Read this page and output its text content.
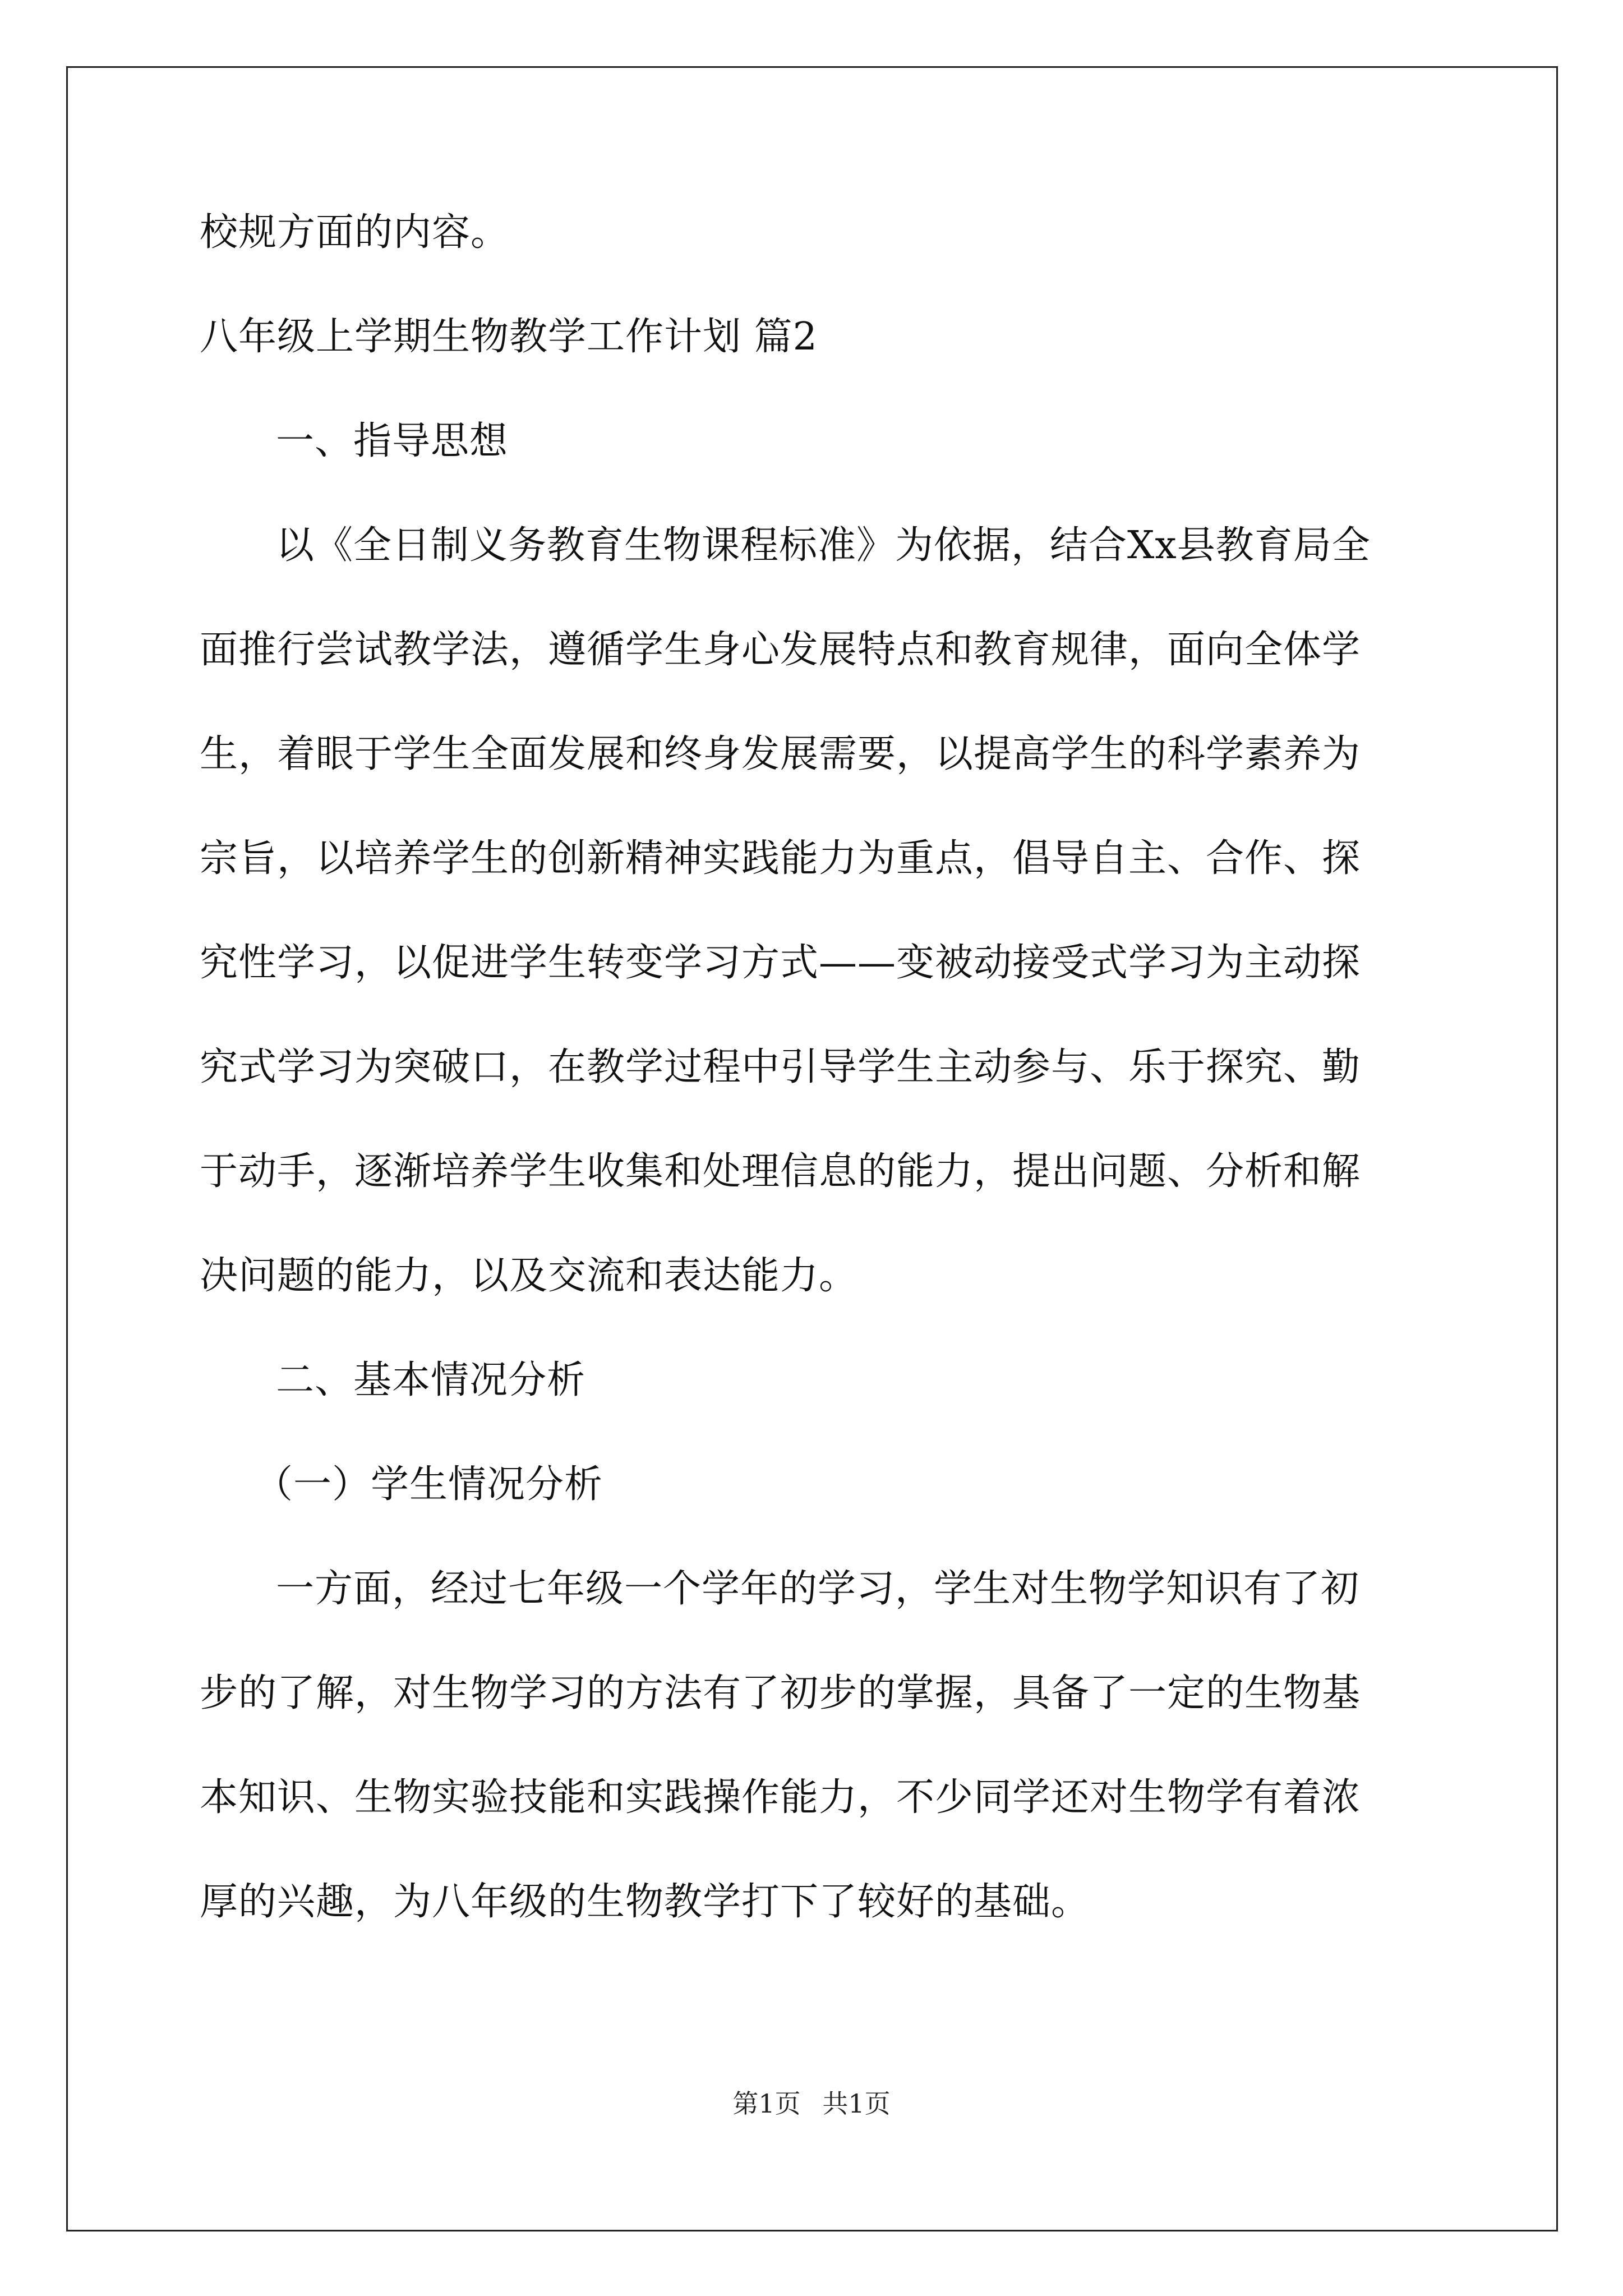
校规方面的内容。
八年级上学期生物教学工作计划 篇2
一、指导思想
以《全日制义务教育生物课程标准》为依据，结合Xx县教育局全
面推行尝试教学法，遵循学生身心发展特点和教育规律，面向全体学
生，着眼于学生全面发展和终身发展需要，以提高学生的科学素养为
宗旨，以培养学生的创新精神实践能力为重点，倡导自主、合作、探
究性学习，以促进学生转变学习方式——变被动接受式学习为主动探
究式学习为突破口，在教学过程中引导学生主动参与、乐于探究、勤
于动手，逐渐培养学生收集和处理信息的能力，提出问题、分析和解
决问题的能力，以及交流和表达能力。
二、基本情况分析
（一）学生情况分析
一方面，经过七年级一个学年的学习，学生对生物学知识有了初
步的了解，对生物学习的方法有了初步的掌握，具备了一定的生物基
本知识、生物实验技能和实践操作能力，不少同学还对生物学有着浓
厚的兴趣，为八年级的生物教学打下了较好的基础。
第1页 共1页
